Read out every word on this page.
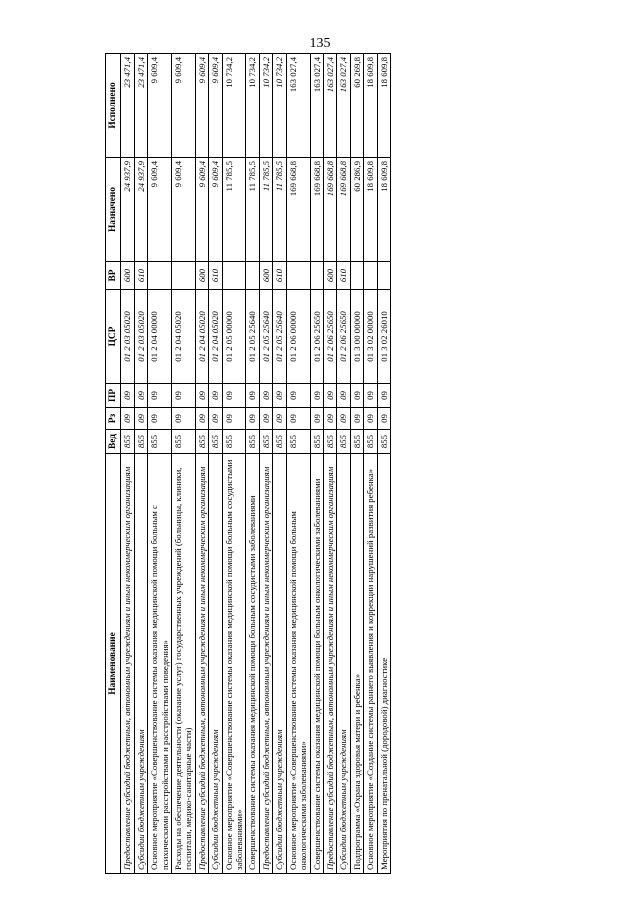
135
Наименование	Вед	Рз	ПР	ЦСР	ВР	Назначено	Исполнено
Предоставление субсидий бюджетным, автономным учреждениям и иным некоммерческим организациям	855	09	09	01 2 03 05020	600	24 937,9	23 471,4
Субсидии бюджетным учреждениям	855	09	09	01 2 03 05020	610	24 937,9	23 471,4
Основное мероприятие «Совершенствование системы оказания медицинской помощи больным с психическими расстройствами и расстройствами поведения»	855	09	09	01 2 04 00000		9 609,4	9 609,4
Расходы на обеспечение деятельности (оказание услуг) государственных учреждений (больницы, клиники, госпитали, медико-санитарные части)	855	09	09	01 2 04 05020		9 609,4	9 609,4
Предоставление субсидий бюджетным, автономным учреждениям и иным некоммерческим организациям	855	09	09	01 2 04 05020	600	9 609,4	9 609,4
Субсидии бюджетным учреждениям	855	09	09	01 2 04 05020	610	9 609,4	9 609,4
Основное мероприятие «Совершенствование системы оказания медицинской помощи больным сосудистыми заболеваниями»	855	09	09	01 2 05 00000		11 785,5	10 734,2
Совершенствование системы оказания медицинской помощи больным сосудистыми заболеваниями	855	09	09	01 2 05 25640		11 785,5	10 734,2
Предоставление субсидий бюджетным, автономным учреждениям и иным некоммерческим организациям	855	09	09	01 2 05 25640	600	11 785,5	10 734,2
Субсидии бюджетным учреждениям	855	09	09	01 2 05 25640	610	11 785,5	10 734,2
Основное мероприятие «Совершенствование системы оказания медицинской помощи больным онкологическими заболеваниями»	855	09	09	01 2 06 00000		169 668,8	163 027,4
Совершенствование системы оказания медицинской помощи больным онкологическими заболеваниями	855	09	09	01 2 06 25650		169 668,8	163 027,4
Предоставление субсидий бюджетным, автономным учреждениям и иным некоммерческим организациям	855	09	09	01 2 06 25650	600	169 668,8	163 027,4
Субсидии бюджетным учреждениям	855	09	09	01 2 06 25650	610	169 668,8	163 027,4
Подпрограмма «Охрана здоровья матери и ребенка»	855	09	09	01 3 00 00000		60 286,9	60 269,8
Основное мероприятие «Создание системы раннего выявления и коррекции нарушений развития ребенка»	855	09	09	01 3 02 00000		18 609,8	18 609,8
Мероприятия по пренатальной (дородовой) диагностике	855	09	09	01 3 02 26010		18 609,8	18 609,8
